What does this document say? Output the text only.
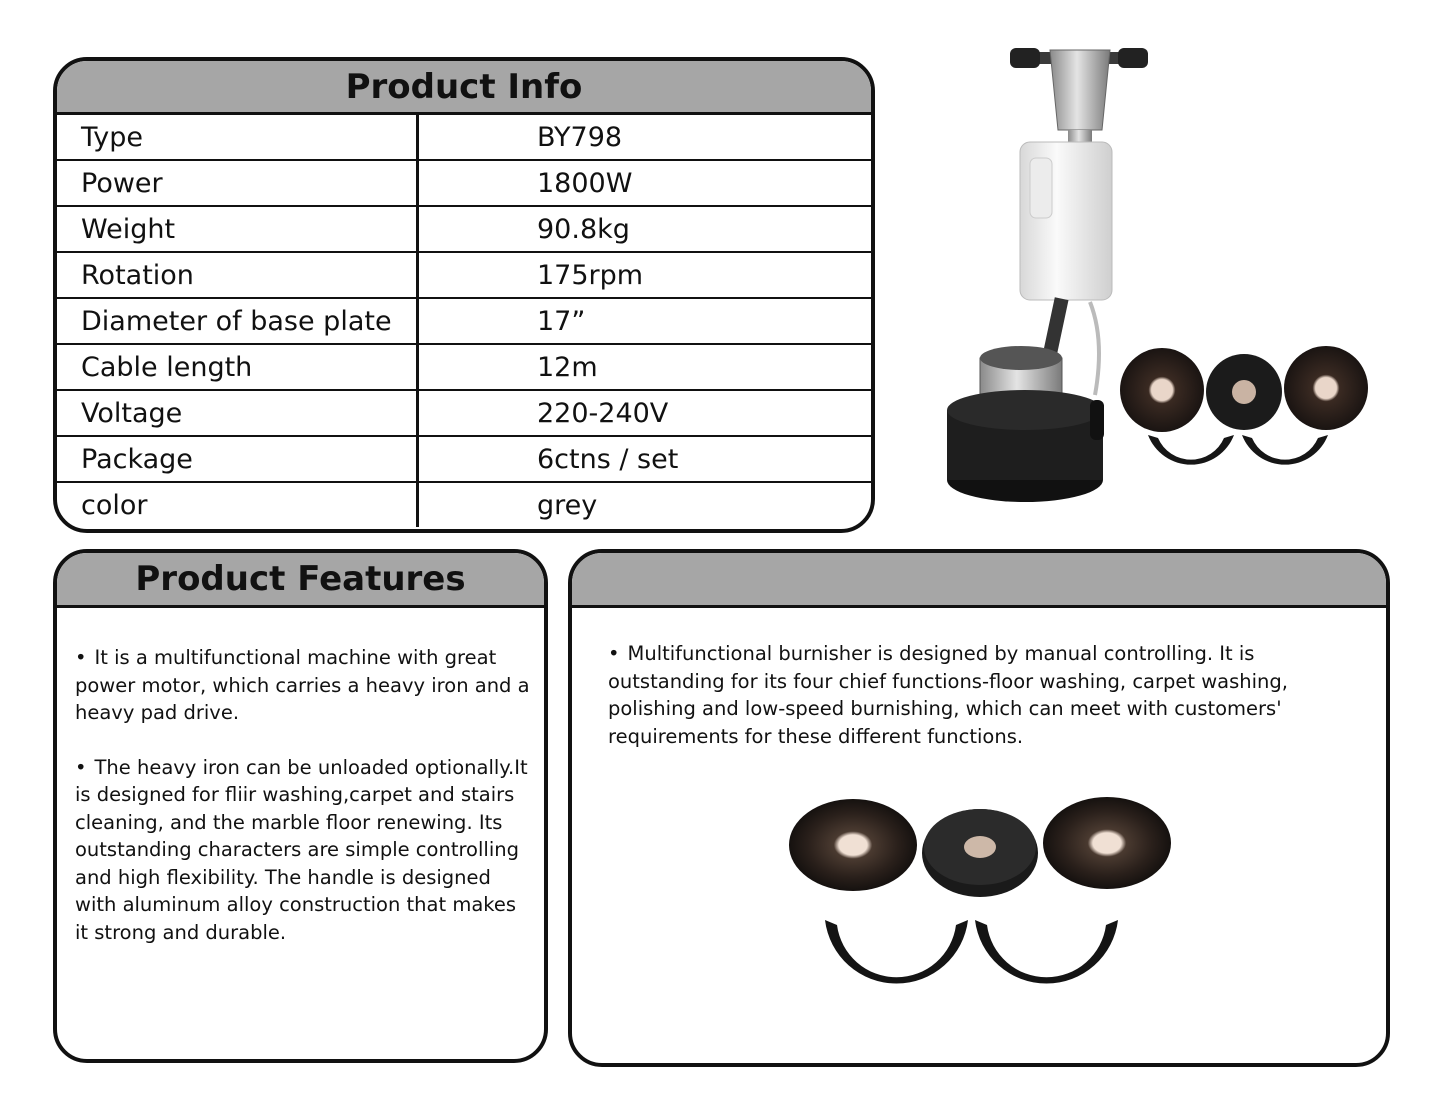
Product Info
Type	BY798
Power	1800W
Weight	90.8kg
Rotation	175rpm
Diameter of base plate	17”
Cable length	12m
Voltage	220-240V
Package	6ctns / set
color	grey
Product Features

• It is a multifunctional machine with great power motor, which carries a heavy iron and a heavy pad drive.

• The heavy iron can be unloaded optionally.It is designed for fliir washing,carpet and stairs cleaning, and the marble floor renewing. Its outstanding characters are simple controlling and high flexibility. The handle is designed with aluminum alloy construction that makes it strong and durable.

• Multifunctional burnisher is designed by manual controlling. It is outstanding for its four chief functions-floor washing, carpet washing, polishing and low-speed burnishing, which can meet with customers' requirements for these different functions.
